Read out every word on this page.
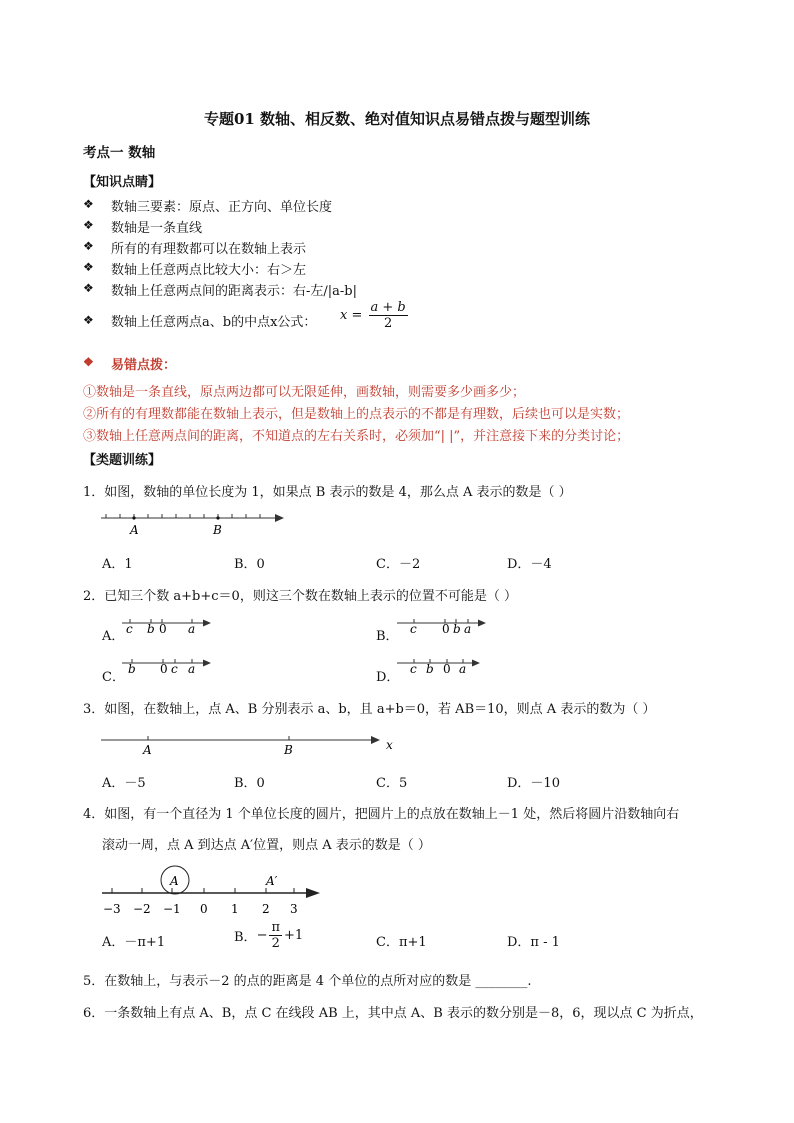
专题01 数轴、相反数、绝对值知识点易错点拨与题型训练
考点一 数轴
【知识点睛】
❖ 数轴三要素：原点、正方向、单位长度
❖ 数轴是一条直线
❖ 所有的有理数都可以在数轴上表示
❖ 数轴上任意两点比较大小：右＞左
❖ 数轴上任意两点间的距离表示：右-左/|a-b|
❖ 数轴上任意两点a、b的中点x公式： $x = \frac{a + b}{2}$
❖ 易错点拨：
①数轴是一条直线，原点两边都可以无限延伸，画数轴，则需要多少画多少；
②所有的有理数都能在数轴上表示，但是数轴上的点表示的不都是有理数，后续也可以是实数；
③数轴上任意两点间的距离，不知道点的左右关系时，必须加“| |”，并注意接下来的分类讨论；
【类题训练】
1．如图，数轴的单位长度为 1，如果点 B 表示的数是 4，那么点 A 表示的数是（ ）
A	B
A．1	B．0	C．－2	D．－4
2．已知三个数 a+b+c＝0，则这三个数在数轴上表示的位置不可能是（ ）
A． c b 0 a	B． c 0 b a
C．
b 0 c a
D．
c b 0 a
3．如图，在数轴上，点 A、B 分别表示 a、b，且 a+b＝0，若 AB＝10，则点 A 表示的数为（ ）
A	B	x
A．－5	B．0	C．5	D．－10
4．如图，有一个直径为 1 个单位长度的圆片，把圆片上的点放在数轴上－1 处，然后将圆片沿数轴向右
滚动一周，点 A 到达点 A′位置，则点 A 表示的数是（ ）
A	A′
−3 −2 −1 0 1 2 3
A．－π+1	B．− $\frac{\pi}{2} +1$	C．π+1	D．π - 1
5．在数轴上，与表示－2 的点的距离是 4 个单位的点所对应的数是 ________.
6．一条数轴上有点 A、B，点 C 在线段 AB 上，其中点 A、B 表示的数分别是－8，6，现以点 C 为折点，
